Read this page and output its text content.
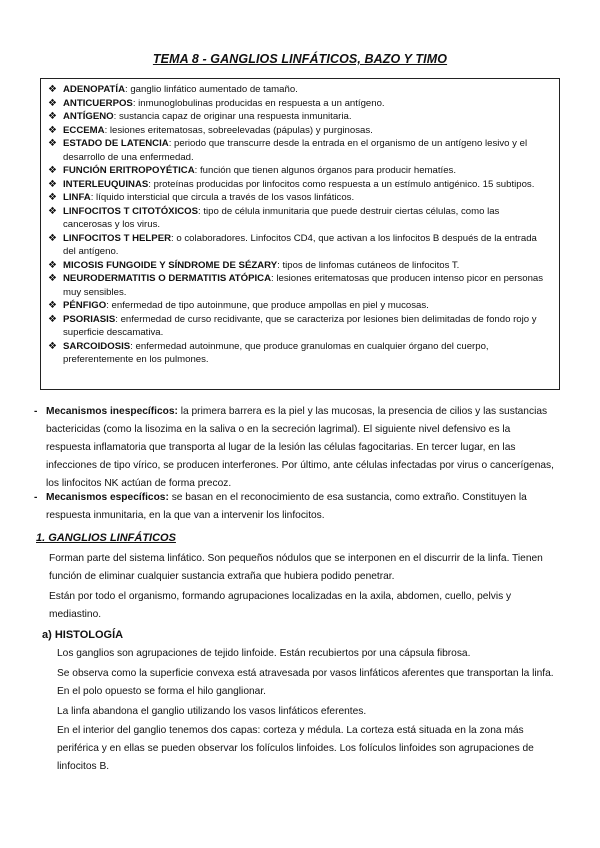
TEMA 8 - GANGLIOS LINFÁTICOS, BAZO Y TIMO
❖ ADENOPATÍA: ganglio linfático aumentado de tamaño.
❖ ANTICUERPOS: inmunoglobulinas producidas en respuesta a un antígeno.
❖ ANTÍGENO: sustancia capaz de originar una respuesta inmunitaria.
❖ ECCEMA: lesiones eritematosas, sobreelevadas (pápulas) y purginosas.
❖ ESTADO DE LATENCIA: periodo que transcurre desde la entrada en el organismo de un antígeno lesivo y el desarrollo de una enfermedad.
❖ FUNCIÓN ERITROPOYÉTICA: función que tienen algunos órganos para producir hematíes.
❖ INTERLEUQUINAS: proteínas producidas por linfocitos como respuesta a un estímulo antigénico. 15 subtipos.
❖ LINFA: líquido intersticial que circula a través de los vasos linfáticos.
❖ LINFOCITOS T CITOTÓXICOS: tipo de célula inmunitaria que puede destruir ciertas células, como las cancerosas y los virus.
❖ LINFOCITOS T HELPER: o colaboradores. Linfocitos CD4, que activan a los linfocitos B después de la entrada del antígeno.
❖ MICOSIS FUNGOIDE Y SÍNDROME DE SÉZARY: tipos de linfomas cutáneos de linfocitos T.
❖ NEURODERMATITIS O DERMATITIS ATÓPICA: lesiones eritematosas que producen intenso picor en personas muy sensibles.
❖ PÉNFIGO: enfermedad de tipo autoinmune, que produce ampollas en piel y mucosas.
❖ PSORIASIS: enfermedad de curso recidivante, que se caracteriza por lesiones bien delimitadas de fondo rojo y superficie descamativa.
❖ SARCOIDOSIS: enfermedad autoinmune, que produce granulomas en cualquier órgano del cuerpo, preferentemente en los pulmones.
- Mecanismos inespecíficos: la primera barrera es la piel y las mucosas, la presencia de cilios y las sustancias bactericidas (como la lisozima en la saliva o en la secreción lagrimal). El siguiente nivel defensivo es la respuesta inflamatoria que transporta al lugar de la lesión las células fagocitarias. En tercer lugar, en las infecciones de tipo vírico, se producen interferones. Por último, ante células infectadas por virus o cancerígenas, los linfocitos NK actúan de forma precoz.
- Mecanismos específicos: se basan en el reconocimiento de esa sustancia, como extraño. Constituyen la respuesta inmunitaria, en la que van a intervenir los linfocitos.
1. GANGLIOS LINFÁTICOS
Forman parte del sistema linfático. Son pequeños nódulos que se interponen en el discurrir de la linfa. Tienen función de eliminar cualquier sustancia extraña que hubiera podido penetrar.
Están por todo el organismo, formando agrupaciones localizadas en la axila, abdomen, cuello, pelvis y mediastino.
a) HISTOLOGÍA
Los ganglios son agrupaciones de tejido linfoide. Están recubiertos por una cápsula fibrosa.
Se observa como la superficie convexa está atravesada por vasos linfáticos aferentes que transportan la linfa. En el polo opuesto se forma el hilo ganglionar.
La linfa abandona el ganglio utilizando los vasos linfáticos eferentes.
En el interior del ganglio tenemos dos capas: corteza y médula. La corteza está situada en la zona más periférica y en ellas se pueden observar los folículos linfoides. Los folículos linfoides son agrupaciones de linfocitos B.
